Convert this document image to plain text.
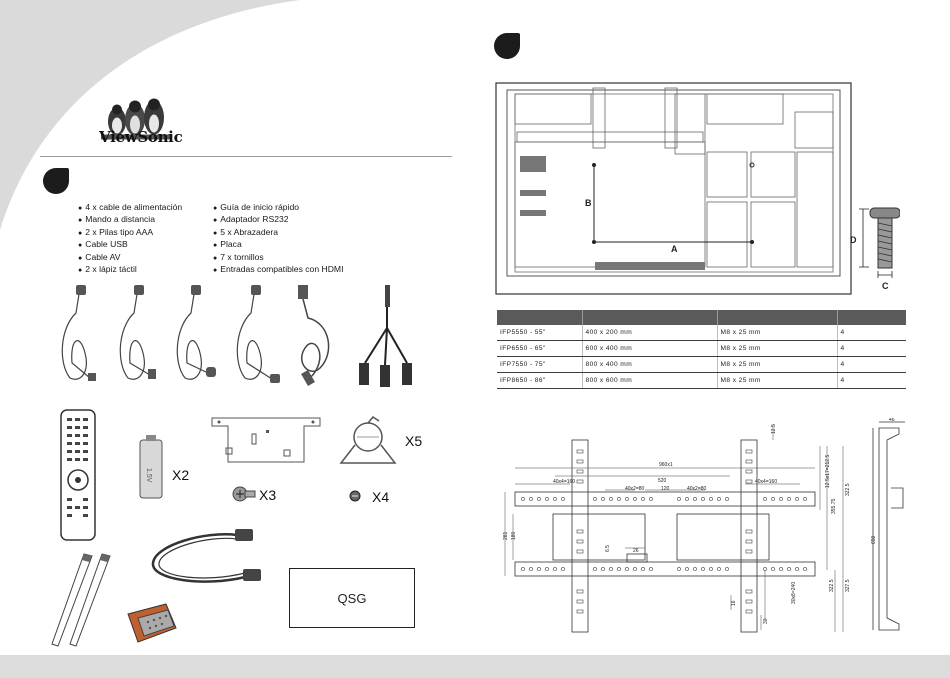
ViewSonic
● 4 x cable de alimentación
● Mando a distancia
● 2 x Pilas tipo AAA
● Cable USB
● Cable AV
● 2 x lápiz táctil
● Guía de inicio rápido
● Adaptador RS232
● 5 x Abrazadera
● Placa
● 7 x tornillos
● Entradas compatibles con HDMI
1.5V X2
X3
X5
X4
QSG
B
A
D
C

IFP5550 - 55"	400 x 200 mm	M8 x 25 mm	4
IFP6550 - 65"	600 x 400 mm	M8 x 25 mm	4
IFP7550 - 75"	800 x 400 mm	M8 x 25 mm	4
IFP8650 - 86"	800 x 600 mm	M8 x 25 mm	4
960x1
520
40x4=160	40x4=160
40x2=80	40x2=80
120
6.5	26
281 180
12.5
12.5x17=212.5
355.75
322.5
30x8=240	322.5 327.5
16
30
46
650
